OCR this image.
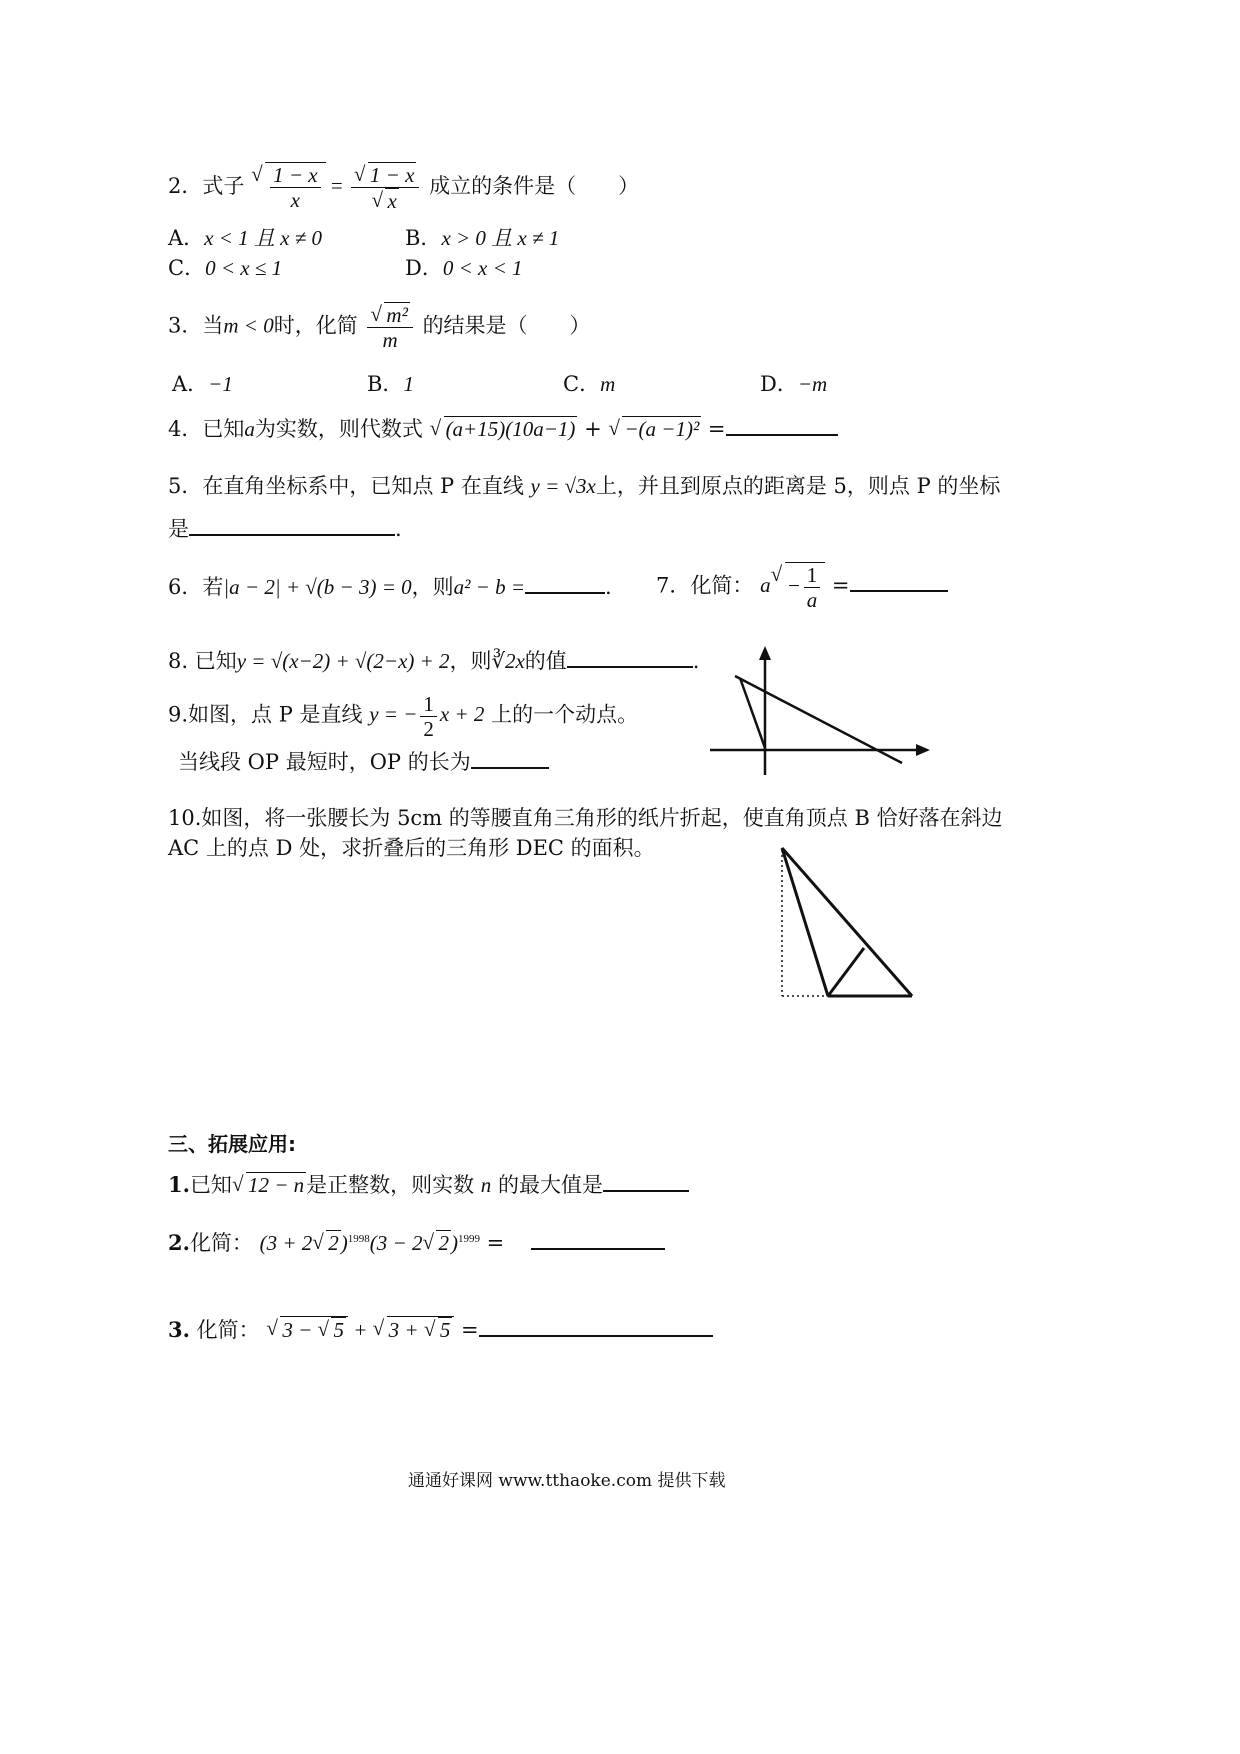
2．式子
√ $\frac{1 - x}{x} = \frac{√ 1 - x}{√ x}$ 成立的条件是（　　）
A．x < 1 且 x ≠ 0	B．x > 0 且 x ≠ 1
C．0 < x ≤ 1	D．0 < x < 1
3．当m < 0时，化简 $\frac{\text{√ m²}}{m}$ 的结果是（　　）
A．−1	B．1	C．m	D．−m
4．已知a为实数，则代数式 √ (a+15)(10a−1) + √ −(a −1)² =
5．在直角坐标系中，已知点 P 在直线 y = √3x上，并且到原点的距离是 5，则点 P 的坐标
是	.
6．若|a − 2| + √(b − 3) = 0，则a² − b =	. 7．化简： a √ − $\frac{1}{a}$ =
8. 已知y = √(x−2) + √(2−x) + 2，则∛2x的值	.
9.如图，点 P 是直线 y = − $\frac{1}{2}$ x + 2 上的一个动点。
当线段 OP 最短时，OP 的长为
10.如图，将一张腰长为 5cm 的等腰直角三角形的纸片折起，使直角顶点 B 恰好落在斜边
AC 上的点 D 处，求折叠后的三角形 DEC 的面积。
三、拓展应用:
1.已知 √ 12 − n是正整数，则实数 n 的最大值是
2.化简： (3 + 2 √ 2)$^{1998}$(3 − 2 √ 2)$^{1999}$ =
3. 化简： √ 3 − √ 5 + √ 3 + √ 5 =
通通好课网 www.tthaoke.com 提供下载
